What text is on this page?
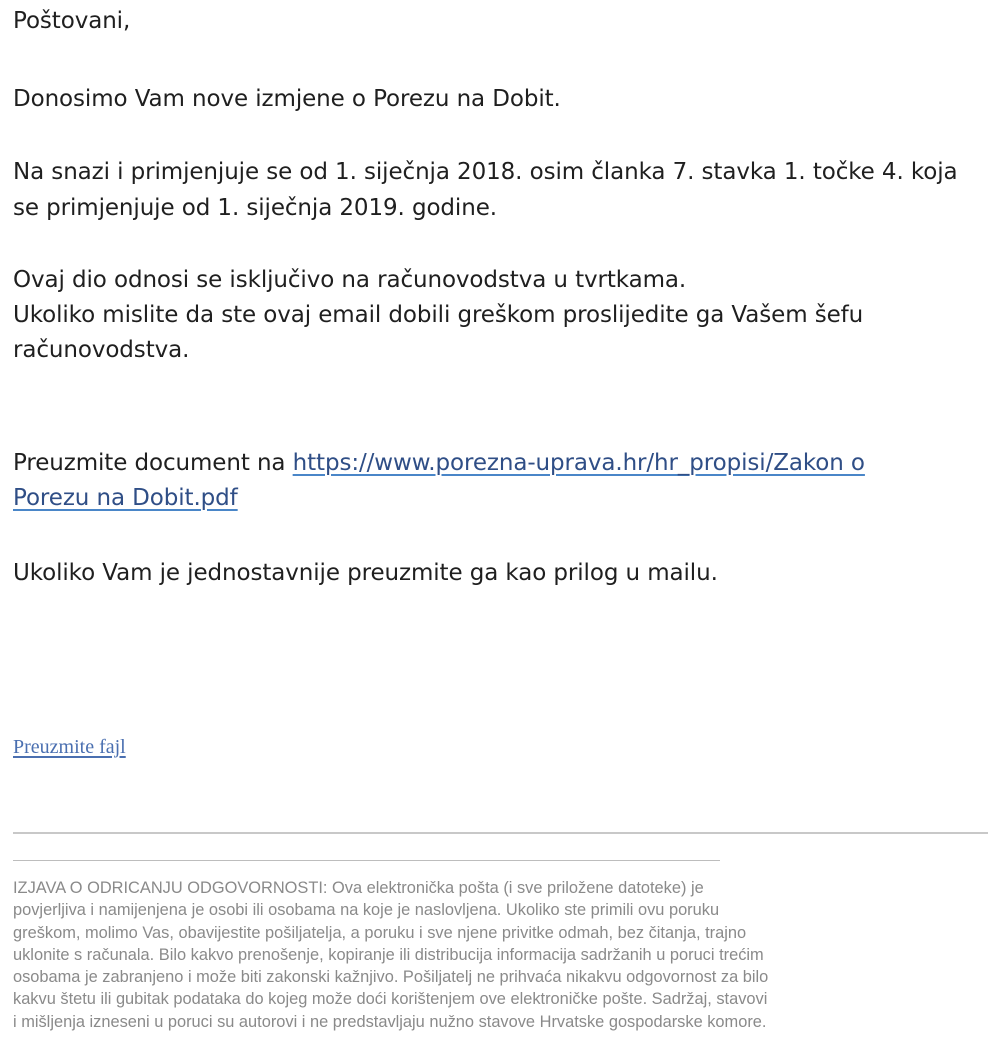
Poštovani,
Donosimo Vam nove izmjene o Porezu na Dobit.
Na snazi i primjenjuje se od 1. siječnja 2018. osim članka 7. stavka 1. točke 4. koja
se primjenjuje od 1. siječnja 2019. godine.
Ovaj dio odnosi se isključivo na računovodstva u tvrtkama.
Ukoliko mislite da ste ovaj email dobili greškom proslijedite ga Vašem šefu
računovodstva.
Preuzmite document na https://www.porezna-uprava.hr/hr_propisi/Zakon o
Porezu na Dobit.pdf
Ukoliko Vam je jednostavnije preuzmite ga kao prilog u mailu.
Preuzmite fajl
IZJAVA O ODRICANJU ODGOVORNOSTI: Ova elektronička pošta (i sve priložene datoteke) je
povjerljiva i namijenjena je osobi ili osobama na koje je naslovljena. Ukoliko ste primili ovu poruku
greškom, molimo Vas, obavijestite pošiljatelja, a poruku i sve njene privitke odmah, bez čitanja, trajno
uklonite s računala. Bilo kakvo prenošenje, kopiranje ili distribucija informacija sadržanih u poruci trećim
osobama je zabranjeno i može biti zakonski kažnjivo. Pošiljatelj ne prihvaća nikakvu odgovornost za bilo
kakvu štetu ili gubitak podataka do kojeg može doći korištenjem ove elektroničke pošte. Sadržaj, stavovi
i mišljenja izneseni u poruci su autorovi i ne predstavljaju nužno stavove Hrvatske gospodarske komore.
